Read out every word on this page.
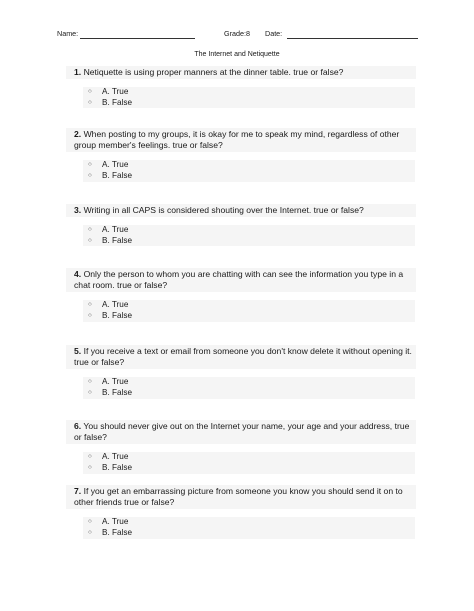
Name:	Grade:8 Date:
The Internet and Netiquette
1. Netiquette is using proper manners at the dinner table. true or false?
○ A. True
○ B. False
2. When posting to my groups, it is okay for me to speak my mind, regardless of other group member's feelings. true or false?
○ A. True
○ B. False
3. Writing in all CAPS is considered shouting over the Internet. true or false?
○ A. True
○ B. False
4. Only the person to whom you are chatting with can see the information you type in a chat room. true or false?
○ A. True
○ B. False
5. If you receive a text or email from someone you don't know delete it without opening it. true or false?
○ A. True
○ B. False
6. You should never give out on the Internet your name, your age and your address, true or false?
○ A. True
○ B. False
7. If you get an embarrassing picture from someone you know you should send it on to other friends true or false?
○ A. True
○ B. False
